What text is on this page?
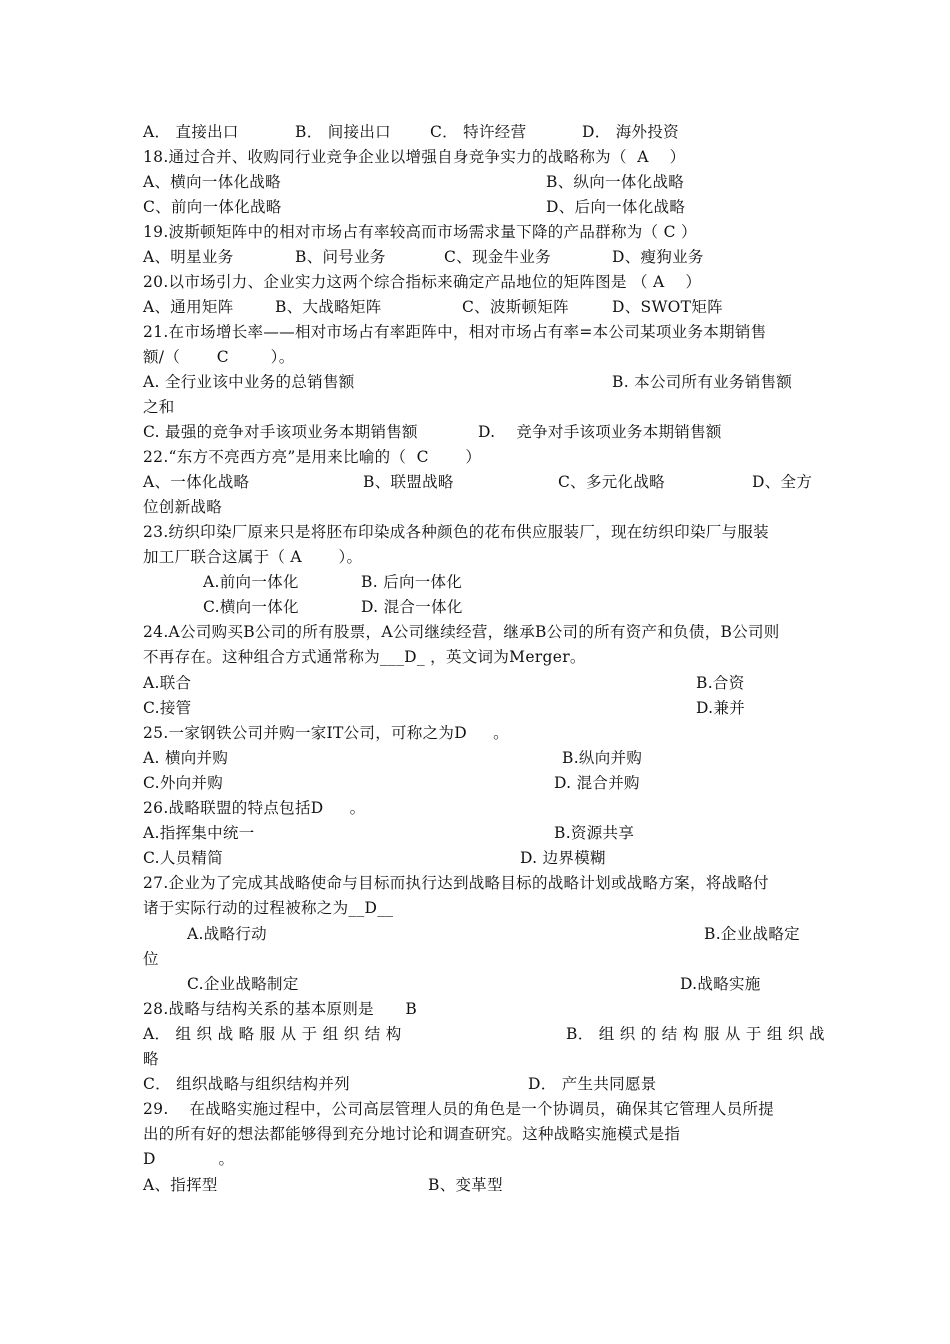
A． 直接出口	B． 间接出口	C． 特许经营	D． 海外投资
18.通过合并、收购同行业竞争企业以增强自身竞争实力的战略称为（  A    ）
A、横向一体化战略	B、纵向一体化战略
C、前向一体化战略	D、后向一体化战略
19.波斯顿矩阵中的相对市场占有率较高而市场需求量下降的产品群称为（ C ）
A、明星业务	B、问号业务	C、现金牛业务	D、瘦狗业务
20.以市场引力、企业实力这两个综合指标来确定产品地位的矩阵图是 （ A    ）
A、通用矩阵	B、大战略矩阵	C、波斯顿矩阵	D、SWOT矩阵
21.在市场增长率——相对市场占有率距阵中，相对市场占有率=本公司某项业务本期销售
额/（       C        ）。
A. 全行业该中业务的总销售额	B. 本公司所有业务销售额
之和
C. 最强的竞争对手该项业务本期销售额	D.    竞争对手该项业务本期销售额
22.“东方不亮西方亮”是用来比喻的（  C       ）
A、一体化战略	B、联盟战略	C、多元化战略	D、全方
位创新战略
23.纺织印染厂原来只是将胚布印染成各种颜色的花布供应服装厂，现在纺织印染厂与服装
加工厂联合这属于（ A       ）。
A.前向一体化	B. 后向一体化
C.横向一体化	D. 混合一体化
24.A公司购买B公司的所有股票，A公司继续经营，继承B公司的所有资产和负债，B公司则
不再存在。这种组合方式通常称为___D_ ，英文词为Merger。
A.联合	B.合资
C.接管	D.兼并
25.一家钢铁公司并购一家IT公司，可称之为D     。
A. 横向并购	B.纵向并购
C.外向并购	D. 混合并购
26.战略联盟的特点包括D     。
A.指挥集中统一	B.资源共享
C.人员精简	D. 边界模糊
27.企业为了完成其战略使命与目标而执行达到战略目标的战略计划或战略方案，将战略付
诸于实际行动的过程被称之为__D__
A.战略行动	B.企业战略定
位
C.企业战略制定	D.战略实施
28.战略与结构关系的基本原则是      B
A． 组 织 战 略 服 从 于 组 织 结 构	B． 组 织 的 结 构 服 从 于 组 织 战
略
C． 组织战略与组织结构并列	D． 产生共同愿景
29.    在战略实施过程中，公司高层管理人员的角色是一个协调员，确保其它管理人员所提
出的所有好的想法都能够得到充分地讨论和调查研究。这种战略实施模式是指
D            。
A、指挥型	B、变革型
